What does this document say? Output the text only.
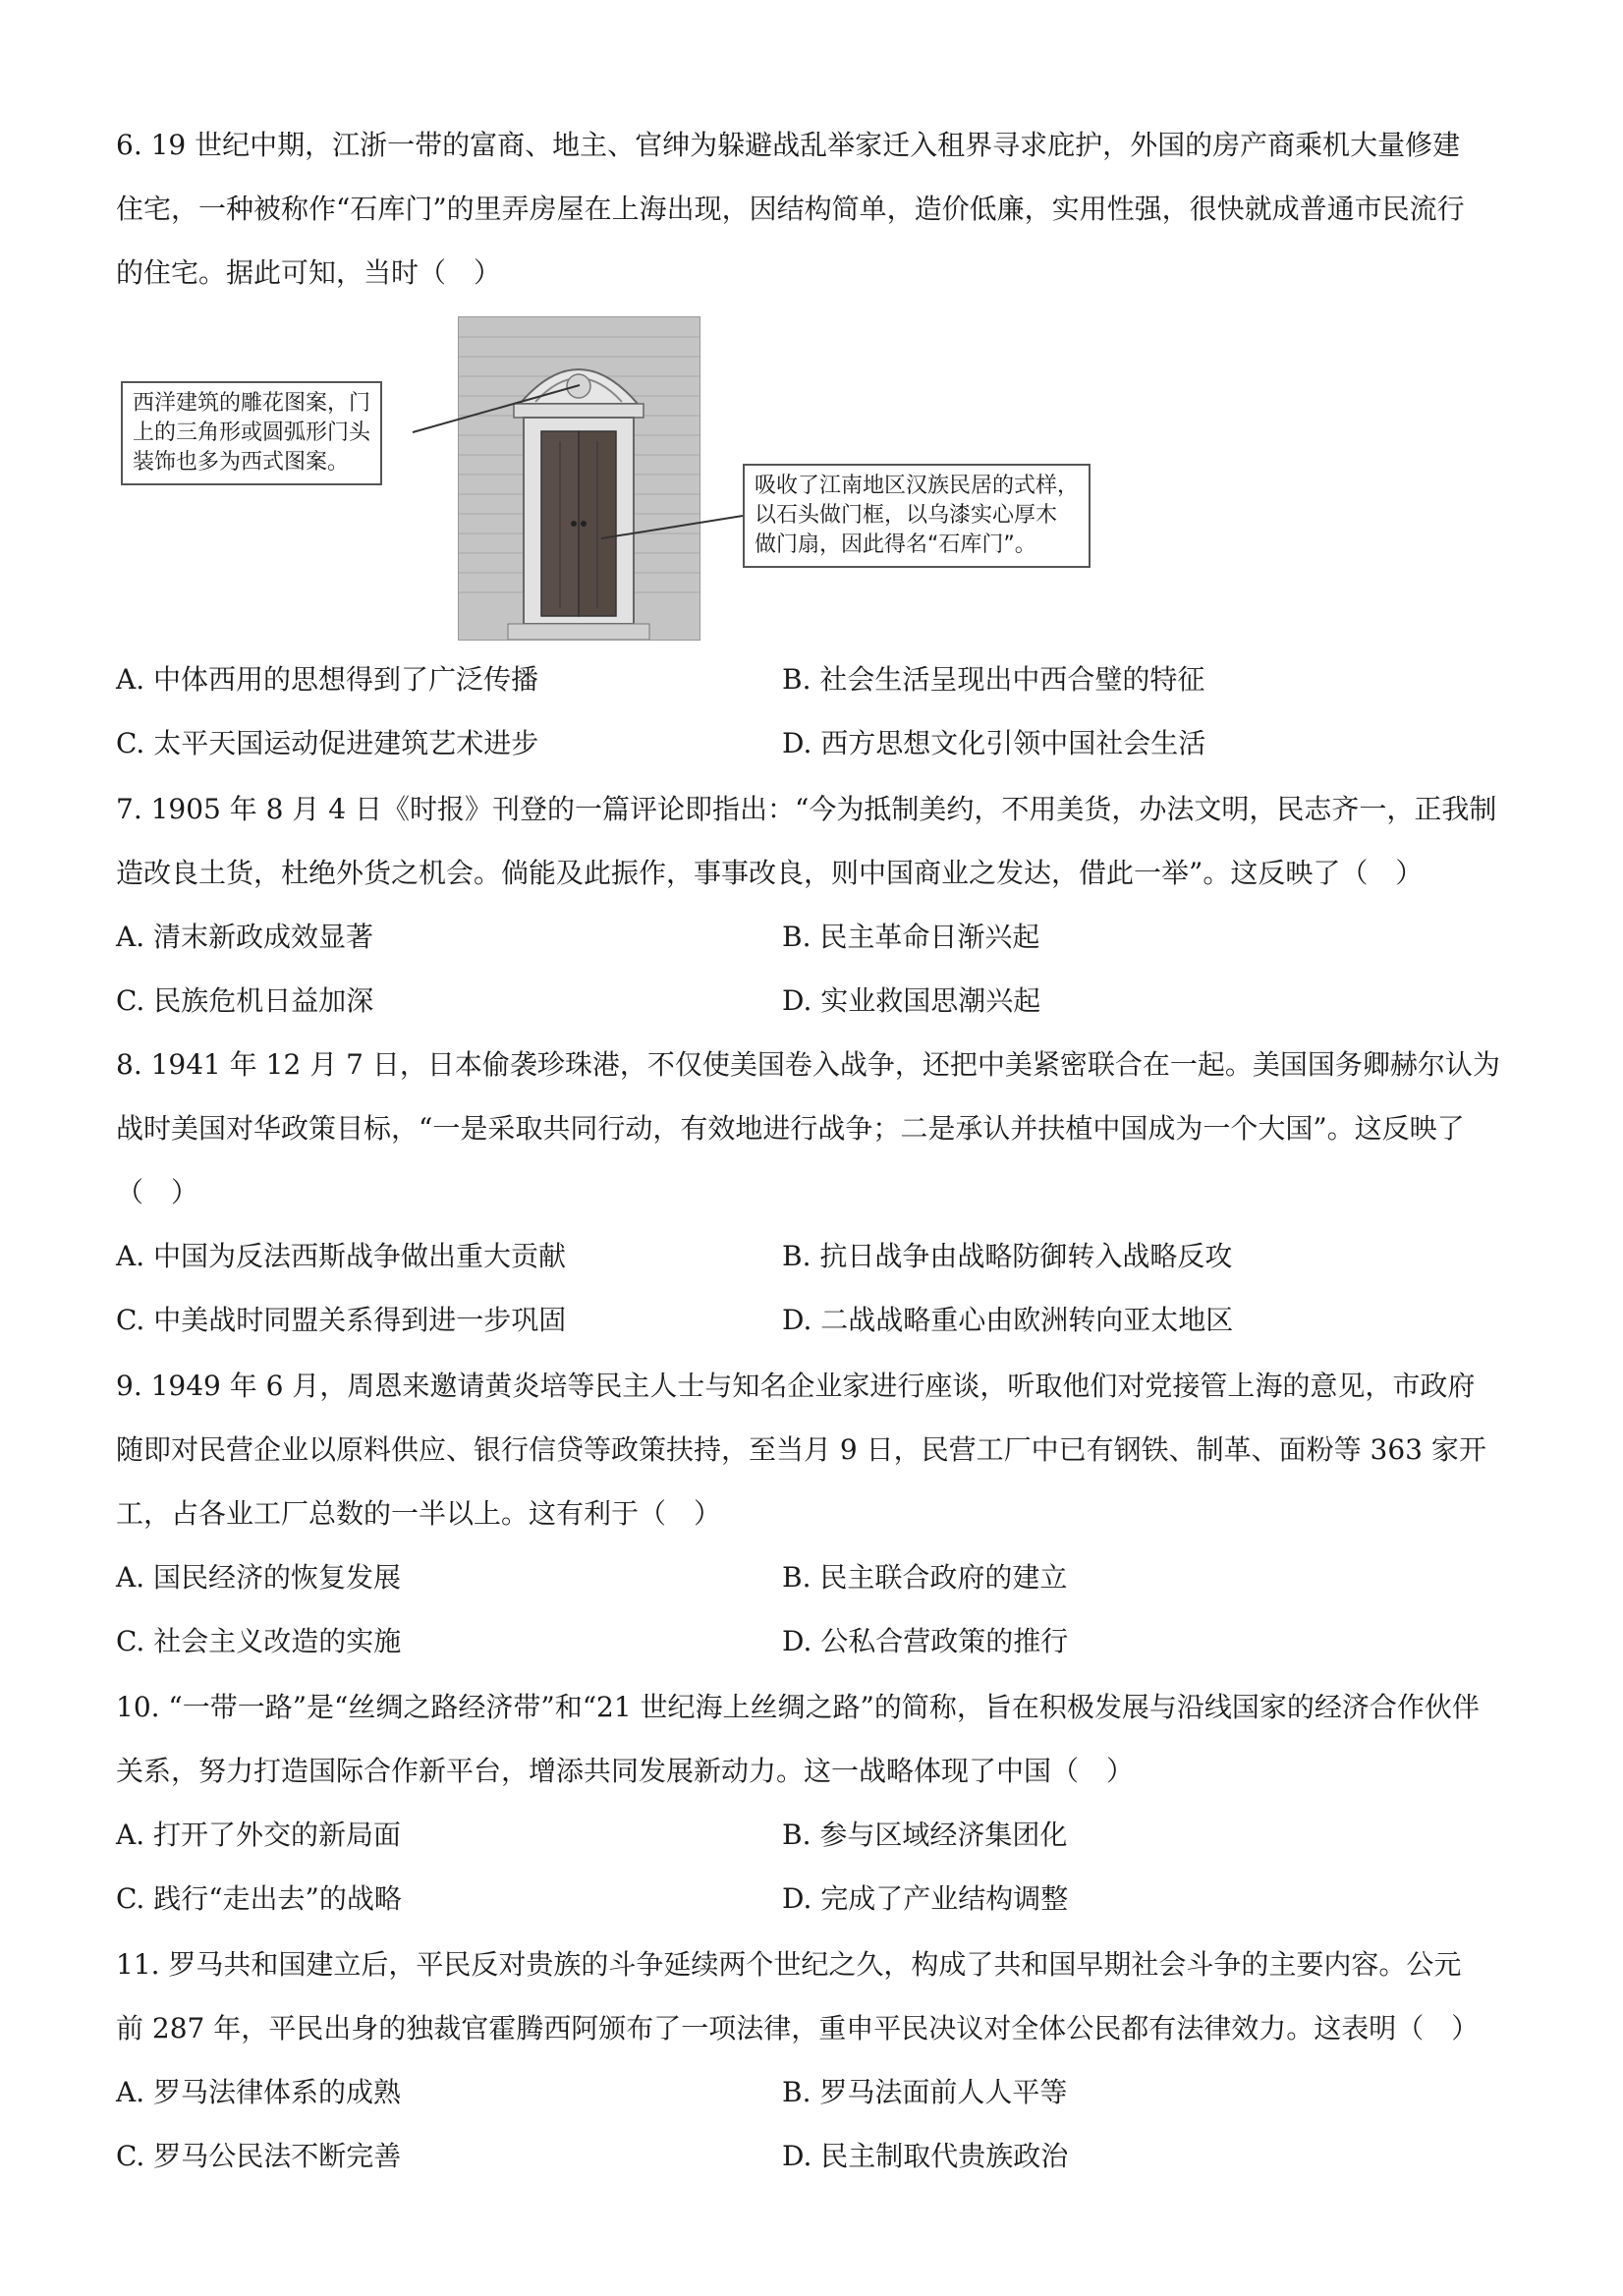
6. 19 世纪中期，江浙一带的富商、地主、官绅为躲避战乱举家迁入租界寻求庇护，外国的房产商乘机大量修建
住宅，一种被称作“石库门”的里弄房屋在上海出现，因结构简单，造价低廉，实用性强，很快就成普通市民流行
的住宅。据此可知，当时（　）
西洋建筑的雕花图案，门
上的三角形或圆弧形门头
装饰也多为西式图案。
吸收了江南地区汉族民居的式样，
以石头做门框，以乌漆实心厚木
做门扇，因此得名“石库门”。
A. 中体西用的思想得到了广泛传播	B. 社会生活呈现出中西合璧的特征
C. 太平天国运动促进建筑艺术进步	D. 西方思想文化引领中国社会生活
7. 1905 年 8 月 4 日《时报》刊登的一篇评论即指出：“今为抵制美约，不用美货，办法文明，民志齐一，正我制
造改良土货，杜绝外货之机会。倘能及此振作，事事改良，则中国商业之发达，借此一举”。这反映了（　）
A. 清末新政成效显著	B. 民主革命日渐兴起
C. 民族危机日益加深	D. 实业救国思潮兴起
8. 1941 年 12 月 7 日，日本偷袭珍珠港，不仅使美国卷入战争，还把中美紧密联合在一起。美国国务卿赫尔认为
战时美国对华政策目标，“一是采取共同行动，有效地进行战争；二是承认并扶植中国成为一个大国”。这反映了
（　）
A. 中国为反法西斯战争做出重大贡献	B. 抗日战争由战略防御转入战略反攻
C. 中美战时同盟关系得到进一步巩固	D. 二战战略重心由欧洲转向亚太地区
9. 1949 年 6 月，周恩来邀请黄炎培等民主人士与知名企业家进行座谈，听取他们对党接管上海的意见，市政府
随即对民营企业以原料供应、银行信贷等政策扶持，至当月 9 日，民营工厂中已有钢铁、制革、面粉等 363 家开
工，占各业工厂总数的一半以上。这有利于（　）
A. 国民经济的恢复发展	B. 民主联合政府的建立
C. 社会主义改造的实施	D. 公私合营政策的推行
10. “一带一路”是“丝绸之路经济带”和“21 世纪海上丝绸之路”的简称，旨在积极发展与沿线国家的经济合作伙伴
关系，努力打造国际合作新平台，增添共同发展新动力。这一战略体现了中国（　）
A. 打开了外交的新局面	B. 参与区域经济集团化
C. 践行“走出去”的战略	D. 完成了产业结构调整
11. 罗马共和国建立后，平民反对贵族的斗争延续两个世纪之久，构成了共和国早期社会斗争的主要内容。公元
前 287 年，平民出身的独裁官霍腾西阿颁布了一项法律，重申平民决议对全体公民都有法律效力。这表明（　）
A. 罗马法律体系的成熟	B. 罗马法面前人人平等
C. 罗马公民法不断完善	D. 民主制取代贵族政治
